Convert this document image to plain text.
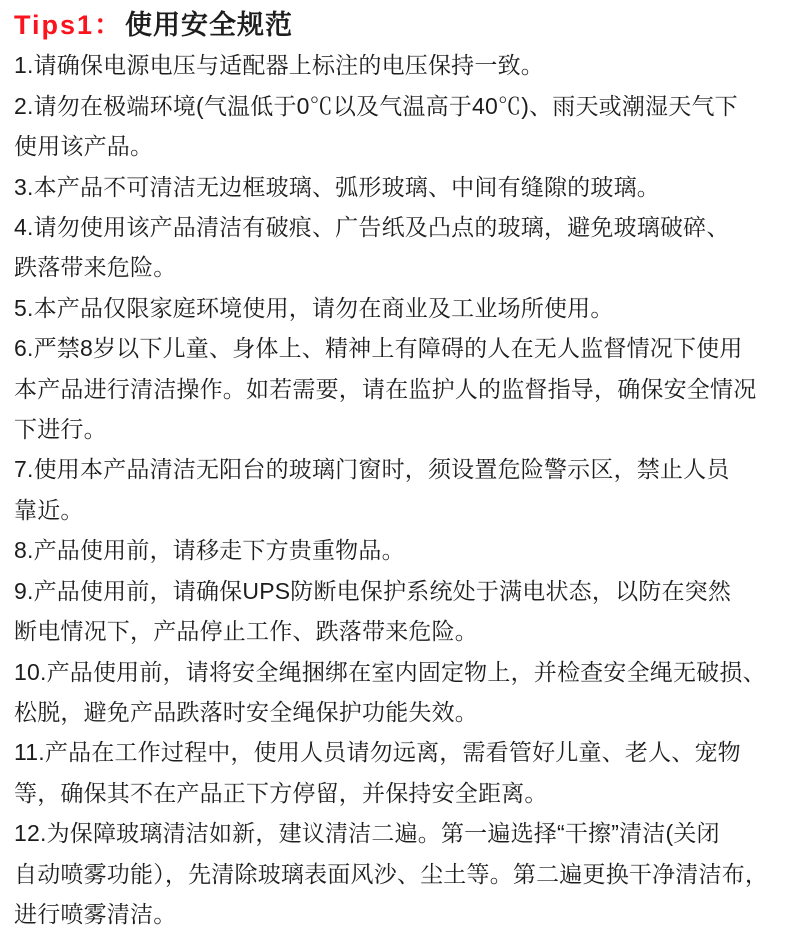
Tips1：使用安全规范
1.请确保电源电压与适配器上标注的电压保持一致。
2.请勿在极端环境(气温低于0℃以及气温高于40℃)、雨天或潮湿天气下
使用该产品。
3.本产品不可清洁无边框玻璃、弧形玻璃、中间有缝隙的玻璃。
4.请勿使用该产品清洁有破痕、广告纸及凸点的玻璃，避免玻璃破碎、
跌落带来危险。
5.本产品仅限家庭环境使用，请勿在商业及工业场所使用。
6.严禁8岁以下儿童、身体上、精神上有障碍的人在无人监督情况下使用
本产品进行清洁操作。如若需要，请在监护人的监督指导，确保安全情况
下进行。
7.使用本产品清洁无阳台的玻璃门窗时，须设置危险警示区，禁止人员
靠近。
8.产品使用前，请移走下方贵重物品。
9.产品使用前，请确保UPS防断电保护系统处于满电状态，以防在突然
断电情况下，产品停止工作、跌落带来危险。
10.产品使用前，请将安全绳捆绑在室内固定物上，并检查安全绳无破损、
松脱，避免产品跌落时安全绳保护功能失效。
11.产品在工作过程中，使用人员请勿远离，需看管好儿童、老人、宠物
等，确保其不在产品正下方停留，并保持安全距离。
12.为保障玻璃清洁如新，建议清洁二遍。第一遍选择“干擦”清洁(关闭
自动喷雾功能），先清除玻璃表面风沙、尘土等。第二遍更换干净清洁布，
进行喷雾清洁。
